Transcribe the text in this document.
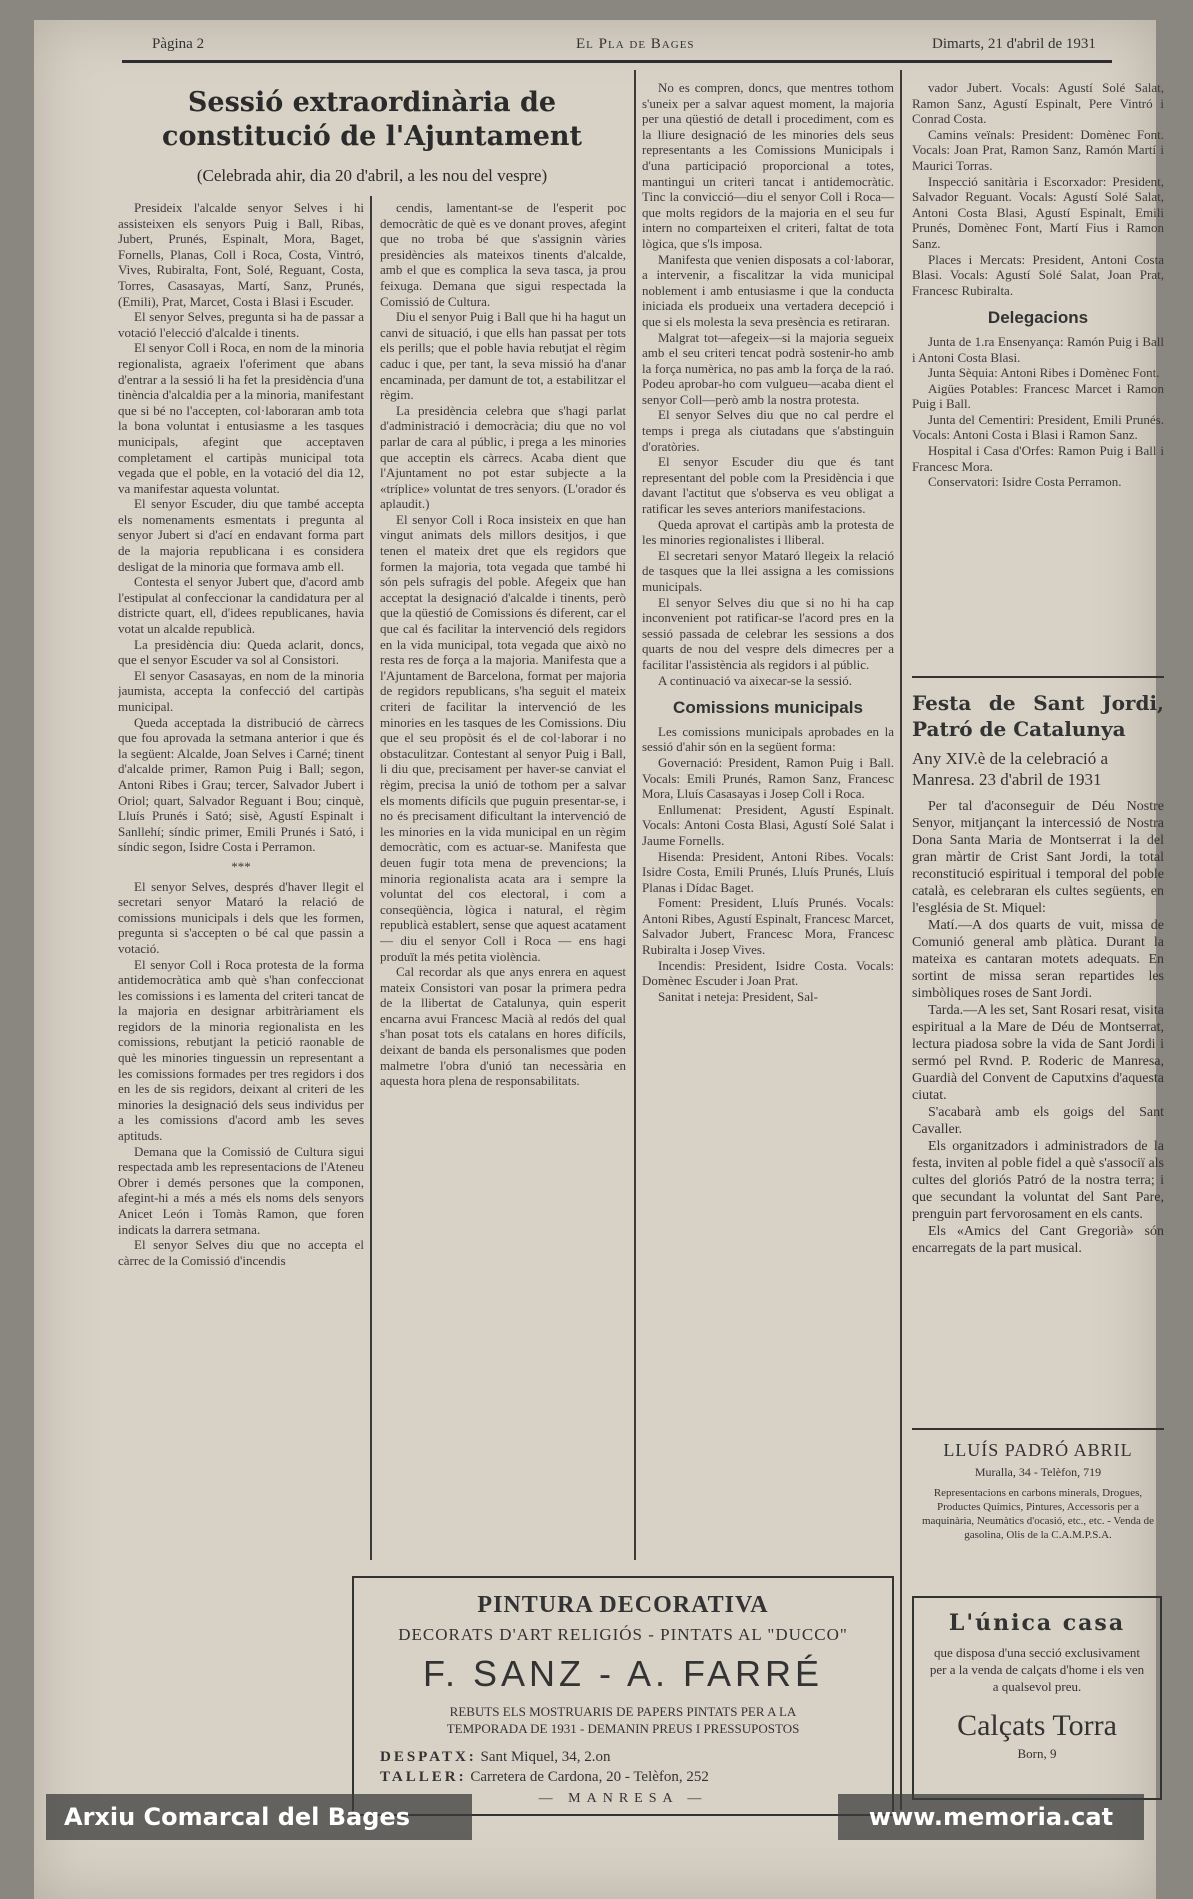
Pàgina 2	El Pla de Bages	Dimarts, 21 d'abril de 1931
Sessió extraordinària de constitució de l'Ajuntament

(Celebrada ahir, dia 20 d'abril, a les nou del vespre)

Presideix l'alcalde senyor Selves i hi assisteixen els senyors Puig i Ball, Ribas, Jubert, Prunés, Espinalt, Mora, Baget, Fornells, Planas, Coll i Roca, Costa, Vintró, Vives, Rubiralta, Font, Solé, Reguant, Costa, Torres, Casasayas, Martí, Sanz, Prunés, (Emili), Prat, Marcet, Costa i Blasi i Escuder.

El senyor Selves, pregunta si ha de passar a votació l'elecció d'alcalde i tinents.

El senyor Coll i Roca, en nom de la minoria regionalista, agraeix l'oferiment que abans d'entrar a la sessió li ha fet la presidència d'una tinència d'alcaldia per a la minoria, manifestant que si bé no l'accepten, col·laboraran amb tota la bona voluntat i entusiasme a les tasques municipals, afegint que acceptaven completament el cartipàs municipal tota vegada que el poble, en la votació del dia 12, va manifestar aquesta voluntat.

El senyor Escuder, diu que també accepta els nomenaments esmentats i pregunta al senyor Jubert si d'ací en endavant forma part de la majoria republicana i es considera desligat de la minoria que formava amb ell.

Contesta el senyor Jubert que, d'acord amb l'estipulat al confeccionar la candidatura per al districte quart, ell, d'idees republicanes, havia votat un alcalde republicà.

La presidència diu: Queda aclarit, doncs, que el senyor Escuder va sol al Consistori.

El senyor Casasayas, en nom de la minoria jaumista, accepta la confecció del cartipàs municipal.

Queda acceptada la distribució de càrrecs que fou aprovada la setmana anterior i que és la següent: Alcalde, Joan Selves i Carné; tinent d'alcalde primer, Ramon Puig i Ball; segon, Antoni Ribes i Grau; tercer, Salvador Jubert i Oriol; quart, Salvador Reguant i Bou; cinquè, Lluís Prunés i Sató; sisè, Agustí Espinalt i Sanllehí; síndic primer, Emili Prunés i Sató, i síndic segon, Isidre Costa i Perramon.

***

El senyor Selves, després d'haver llegit el secretari senyor Mataró la relació de comissions municipals i dels que les formen, pregunta si s'accepten o bé cal que passin a votació.

El senyor Coll i Roca protesta de la forma antidemocràtica amb què s'han confeccionat les comissions i es lamenta del criteri tancat de la majoria en designar arbitràriament els regidors de la minoria regionalista en les comissions, rebutjant la petició raonable de què les minories tinguessin un representant a les comissions formades per tres regidors i dos en les de sis regidors, deixant al criteri de les minories la designació dels seus individus per a les comissions d'acord amb les seves aptituds.

Demana que la Comissió de Cultura sigui respectada amb les representacions de l'Ateneu Obrer i demés persones que la componen, afegint-hi a més a més els noms dels senyors Anicet León i Tomàs Ramon, que foren indicats la darrera setmana.

El senyor Selves diu que no accepta el càrrec de la Comissió d'incendis

cendis, lamentant-se de l'esperit poc democràtic de què es ve donant proves, afegint que no troba bé que s'assignin vàries presidències als mateixos tinents d'alcalde, amb el que es complica la seva tasca, ja prou feixuga. Demana que sigui respectada la Comissió de Cultura.

Diu el senyor Puig i Ball que hi ha hagut un canvi de situació, i que ells han passat per tots els perills; que el poble havia rebutjat el règim caduc i que, per tant, la seva missió ha d'anar encaminada, per damunt de tot, a estabilitzar el règim.

La presidència celebra que s'hagi parlat d'administració i democràcia; diu que no vol parlar de cara al públic, i prega a les minories que acceptin els càrrecs. Acaba dient que l'Ajuntament no pot estar subjecte a la «tríplice» voluntat de tres senyors. (L'orador és aplaudit.)

El senyor Coll i Roca insisteix en que han vingut animats dels millors desitjos, i que tenen el mateix dret que els regidors que formen la majoria, tota vegada que també hi són pels sufragis del poble. Afegeix que han acceptat la designació d'alcalde i tinents, però que la qüestió de Comissions és diferent, car el que cal és facilitar la intervenció dels regidors en la vida municipal, tota vegada que això no resta res de força a la majoria. Manifesta que a l'Ajuntament de Barcelona, format per majoria de regidors republicans, s'ha seguit el mateix criteri de facilitar la intervenció de les minories en les tasques de les Comissions. Diu que el seu propòsit és el de col·laborar i no obstaculitzar. Contestant al senyor Puig i Ball, li diu que, precisament per haver-se canviat el règim, precisa la unió de tothom per a salvar els moments difícils que puguin presentar-se, i no és precisament dificultant la intervenció de les minories en la vida municipal en un règim democràtic, com es actuar-se. Manifesta que deuen fugir tota mena de prevencions; la minoria regionalista acata ara i sempre la voluntat del cos electoral, i com a conseqüència, lògica i natural, el règim republicà establert, sense que aquest acatament — diu el senyor Coll i Roca — ens hagi produït la més petita violència.

Cal recordar als que anys enrera en aquest mateix Consistori van posar la primera pedra de la llibertat de Catalunya, quin esperit encarna avui Francesc Macià al redós del qual s'han posat tots els catalans en hores difícils, deixant de banda els personalismes que poden malmetre l'obra d'unió tan necessària en aquesta hora plena de responsabilitats.

No es compren, doncs, que mentres tothom s'uneix per a salvar aquest moment, la majoria per una qüestió de detall i procediment, com es la lliure designació de les minories dels seus representants a les Comissions Municipals i d'una participació proporcional a totes, mantingui un criteri tancat i antidemocràtic. Tinc la convicció—diu el senyor Coll i Roca—que molts regidors de la majoria en el seu fur intern no comparteixen el criteri, faltat de tota lògica, que s'ls imposa.

Manifesta que venien disposats a col·laborar, a intervenir, a fiscalitzar la vida municipal noblement i amb entusiasme i que la conducta iniciada els produeix una vertadera decepció i que si els molesta la seva presència es retiraran.

Malgrat tot—afegeix—si la majoria segueix amb el seu criteri tencat podrà sostenir-ho amb la força numèrica, no pas amb la força de la raó. Podeu aprobar-ho com vulgueu—acaba dient el senyor Coll—però amb la nostra protesta.

El senyor Selves diu que no cal perdre el temps i prega als ciutadans que s'abstinguin d'oratòries.

El senyor Escuder diu que és tant representant del poble com la Presidència i que davant l'actitut que s'observa es veu obligat a ratificar les seves anteriors manifestacions.

Queda aprovat el cartipàs amb la protesta de les minories regionalistes i lliberal.

El secretari senyor Mataró llegeix la relació de tasques que la llei assigna a les comissions municipals.

El senyor Selves diu que si no hi ha cap inconvenient pot ratificar-se l'acord pres en la sessió passada de celebrar les sessions a dos quarts de nou del vespre dels dimecres per a facilitar l'assistència als regidors i al públic.

A continuació va aixecar-se la sessió.

Comissions municipals

Les comissions municipals aprobades en la sessió d'ahir són en la següent forma:

Governació: President, Ramon Puig i Ball. Vocals: Emili Prunés, Ramon Sanz, Francesc Mora, Lluís Casasayas i Josep Coll i Roca.

Enllumenat: President, Agustí Espinalt. Vocals: Antoni Costa Blasi, Agustí Solé Salat i Jaume Fornells.

Hisenda: President, Antoni Ribes. Vocals: Isidre Costa, Emili Prunés, Lluís Prunés, Lluís Planas i Dídac Baget.

Foment: President, Lluís Prunés. Vocals: Antoni Ribes, Agustí Espinalt, Francesc Marcet, Salvador Jubert, Francesc Mora, Francesc Rubiralta i Josep Vives.

Incendis: President, Isidre Costa. Vocals: Domènec Escuder i Joan Prat.

Sanitat i neteja: President, Sal-

vador Jubert. Vocals: Agustí Solé Salat, Ramon Sanz, Agustí Espinalt, Pere Vintró i Conrad Costa.

Camins veïnals: President: Domènec Font. Vocals: Joan Prat, Ramon Sanz, Ramón Martí i Maurici Torras.

Inspecció sanitària i Escorxador: President, Salvador Reguant. Vocals: Agustí Solé Salat, Antoni Costa Blasi, Agustí Espinalt, Emili Prunés, Domènec Font, Martí Fius i Ramon Sanz.

Places i Mercats: President, Antoni Costa Blasi. Vocals: Agustí Solé Salat, Joan Prat, Francesc Rubiralta.

Delegacions

Junta de 1.ra Ensenyança: Ramón Puig i Ball i Antoni Costa Blasi.

Junta Sèquia: Antoni Ribes i Domènec Font.

Aigües Potables: Francesc Marcet i Ramon Puig i Ball.

Junta del Cementiri: President, Emili Prunés. Vocals: Antoni Costa i Blasi i Ramon Sanz.

Hospital i Casa d'Orfes: Ramon Puig i Ball i Francesc Mora.

Conservatori: Isidre Costa Perramon.

Festa de Sant Jordi, Patró de Catalunya
Any XIV.è de la celebració a Manresa. 23 d'abril de 1931

Per tal d'aconseguir de Déu Nostre Senyor, mitjançant la intercessió de Nostra Dona Santa Maria de Montserrat i la del gran màrtir de Crist Sant Jordi, la total reconstitució espiritual i temporal del poble català, es celebraran els cultes següents, en l'església de St. Miquel:

Matí.—A dos quarts de vuit, missa de Comunió general amb plàtica. Durant la mateixa es cantaran motets adequats. En sortint de missa seran repartides les simbòliques roses de Sant Jordi.

Tarda.—A les set, Sant Rosari resat, visita espiritual a la Mare de Déu de Montserrat, lectura piadosa sobre la vida de Sant Jordi i sermó pel Rvnd. P. Roderic de Manresa, Guardià del Convent de Caputxins d'aquesta ciutat.

S'acabarà amb els goigs del Sant Cavaller.

Els organitzadors i administradors de la festa, inviten al poble fidel a què s'associï als cultes del gloriós Patró de la nostra terra; i que secundant la voluntat del Sant Pare, prenguin part fervorosament en els cants.

Els «Amics del Cant Gregorià» són encarregats de la part musical.

LLUÍS PADRÓ ABRIL
Muralla, 34 - Telèfon, 719
Representacions en carbons minerals, Drogues, Productes Químics, Pintures, Accessoris per a maquinària, Neumàtics d'ocasió, etc., etc. - Venda de gasolina, Olis de la C.A.M.P.S.A.
L'única casa
que disposa d'una secció exclusivament per a la venda de calçats d'home i els ven a qualsevol preu.
Calçats Torra
Born, 9
PINTURA DECORATIVA
DECORATS D'ART RELIGIÓS - PINTATS AL "DUCCO"
F. SANZ - A. FARRÉ
REBUTS ELS MOSTRUARIS DE PAPERS PINTATS PER A LA
TEMPORADA DE 1931 - DEMANIN PREUS I PRESSUPOSTOS
DESPATX: Sant Miquel, 34, 2.on
TALLER: Carretera de Cardona, 20 - Telèfon, 252
— MANRESA —
Arxiu Comarcal del Bages	www.memoria.cat
